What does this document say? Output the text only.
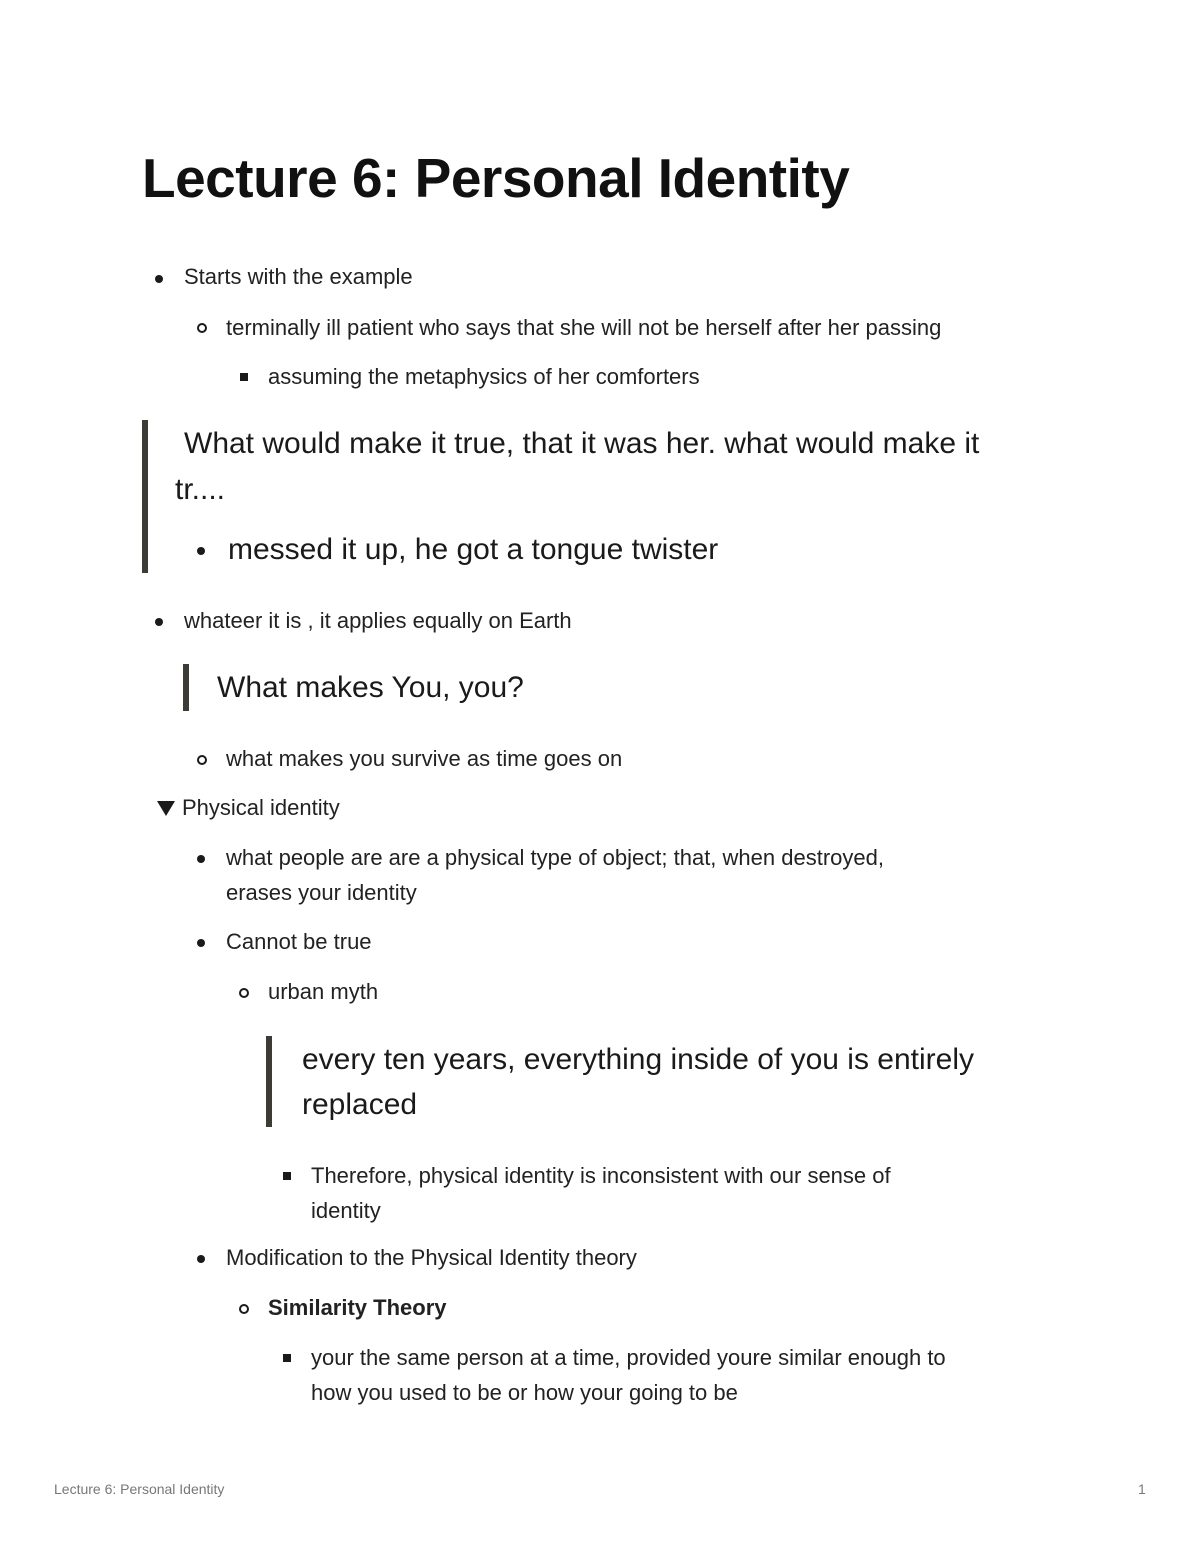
Lecture 6: Personal Identity
Starts with the example
terminally ill patient who says that she will not be herself after her passing
assuming the metaphysics of her comforters
What would make it true, that it was her. what would make it
tr....
messed it up, he got a tongue twister
whateer it is , it applies equally on Earth
What makes You, you?
what makes you survive as time goes on
Physical identity
what people are are a physical type of object; that, when destroyed,
erases your identity
Cannot be true
urban myth
every ten years, everything inside of you is entirely
replaced
Therefore, physical identity is inconsistent with our sense of
identity
Modification to the Physical Identity theory
Similarity Theory
your the same person at a time, provided youre similar enough to
how you used to be or how your going to be
Lecture 6: Personal Identity	1
